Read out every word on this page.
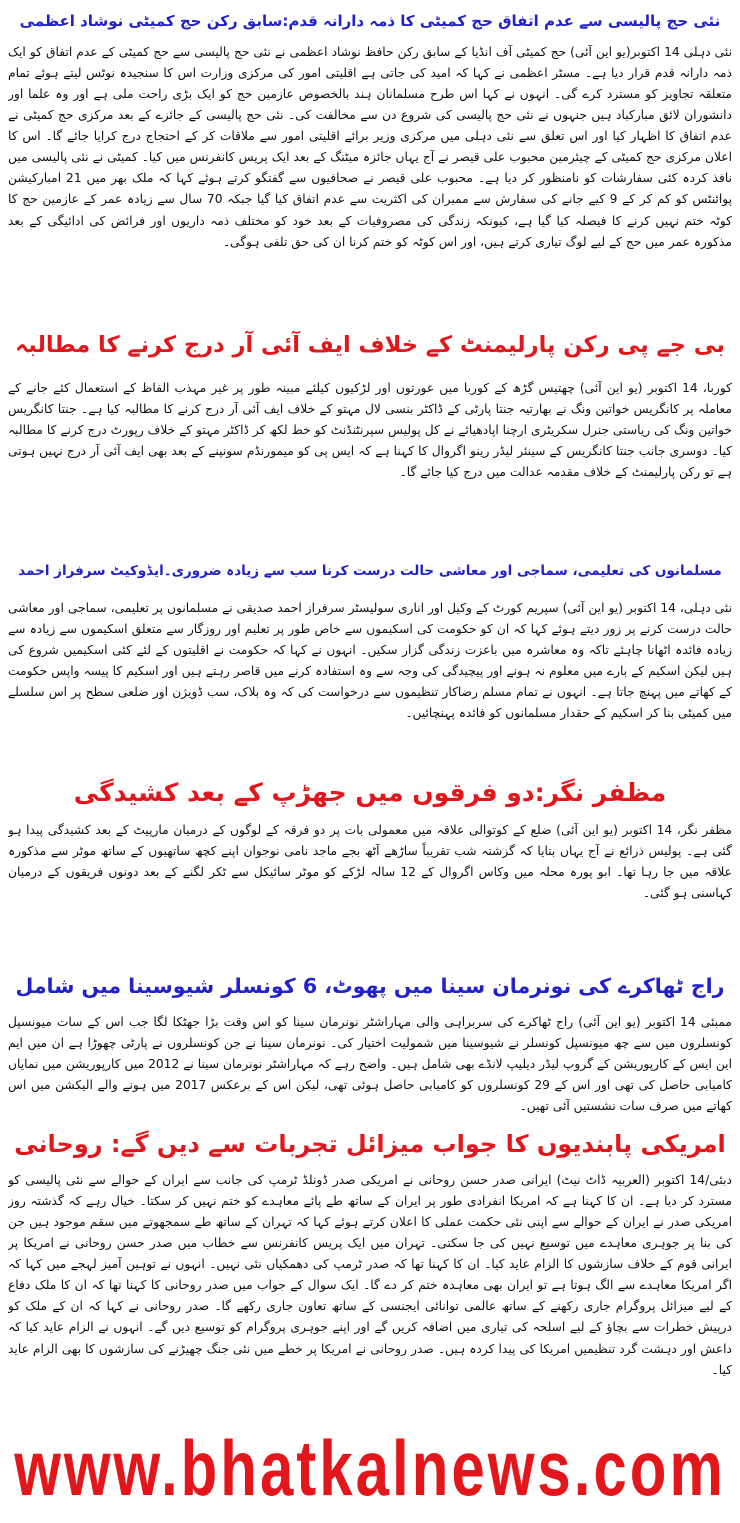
نئی حج پالیسی سے عدم اتفاق حج کمیٹی کا ذمہ دارانہ قدم:سابق رکن حج کمیٹی نوشاد اعظمی

نئی دہلی 14 اکتوبر(یو این آئی) حج کمیٹی آف انڈیا کے سابق رکن حافظ نوشاد اعظمی نے نئی حج پالیسی سے حج کمیٹی کے عدم اتفاق کو ایک ذمہ دارانہ قدم قرار دیا ہے۔ مسٹر اعظمی نے کہا کہ امید کی جاتی ہے اقلیتی امور کی مرکزی وزارت اس کا سنجیدہ نوٹس لیتے ہوئے تمام متعلقہ تجاویز کو مسترد کرے گی۔ انہوں نے کہا اس طرح مسلمانان ہند بالخصوص عازمین حج کو ایک بڑی راحت ملی ہے اور وہ علما اور دانشوران لائق مبارکباد ہیں جنہوں نے نئی حج پالیسی کی شروع دن سے مخالفت کی۔ نئی حج پالیسی کے جائزے کے بعد مرکزی حج کمیٹی نے عدم اتفاق کا اظہار کیا اور اس تعلق سے نئی دہلی میں مرکزی وزیر برائے اقلیتی امور سے ملاقات کر کے احتجاج درج کرایا جائے گا۔ اس کا اعلان مرکزی حج کمیٹی کے چیئرمین محبوب علی قیصر نے آج یہاں جائزہ میٹنگ کے بعد ایک پریس کانفرنس میں کیا۔ کمیٹی نے نئی پالیسی میں نافذ کردہ کئی سفارشات کو نامنظور کر دیا ہے۔ محبوب علی قیصر نے صحافیوں سے گفتگو کرتے ہوئے کہا کہ ملک بھر میں 21 امبارکیشن پوائنٹس کو کم کر کے 9 کیے جانے کی سفارش سے ممبران کی اکثریت سے عدم اتفاق کیا گیا جبکہ 70 سال سے زیادہ عمر کے عازمین حج کا کوٹہ ختم نہیں کرنے کا فیصلہ کیا گیا ہے، کیونکہ زندگی کی مصروفیات کے بعد خود کو مختلف ذمہ داریوں اور فرائض کی ادائیگی کے بعد مذکورہ عمر میں حج کے لیے لوگ تیاری کرتے ہیں، اور اس کوٹہ کو ختم کرنا ان کی حق تلفی ہوگی۔

بی جے پی رکن پارلیمنٹ کے خلاف ایف آئی آر درج کرنے کا مطالبہ

کوربا، 14 اکتوبر (یو این آئی) چھتیس گڑھ کے کوربا میں عورتوں اور لڑکیوں کیلئے مبینہ طور پر غیر مہذب الفاظ کے استعمال کئے جانے کے معاملہ پر کانگریس خواتین ونگ نے بھارتیہ جنتا پارٹی کے ڈاکٹر بنسی لال مہتو کے خلاف ایف آئی آر درج کرنے کا مطالبہ کیا ہے۔ جنتا کانگریس خواتین ونگ کی ریاستی جنرل سکریٹری ارچنا اپادھیائے نے کل پولیس سپرنٹنڈنٹ کو خط لکھ کر ڈاکٹر مہتو کے خلاف رپورٹ درج کرنے کا مطالبہ کیا۔ دوسری جانب جنتا کانگریس کے سینئر لیڈر رینو اگروال کا کہنا ہے کہ ایس پی کو میمورنڈم سونپنے کے بعد بھی ایف آئی آر درج نہیں ہوتی ہے تو رکن پارلیمنٹ کے خلاف مقدمہ عدالت میں درج کیا جائے گا۔

مسلمانوں کی تعلیمی، سماجی اور معاشی حالت درست کرنا سب سے زیادہ ضروری۔ایڈوکیٹ سرفراز احمد

نئی دہلی، 14 اکتوبر (یو این آئی) سپریم کورٹ کے وکیل اور اناری سولیسٹر سرفراز احمد صدیقی نے مسلمانوں پر تعلیمی، سماجی اور معاشی حالت درست کرنے پر زور دیتے ہوئے کہا کہ ان کو حکومت کی اسکیموں سے خاص طور پر تعلیم اور روزگار سے متعلق اسکیموں سے زیادہ سے زیادہ فائدہ اٹھانا چاہئے تاکہ وہ معاشرہ میں باعزت زندگی گزار سکیں۔ انہوں نے کہا کہ حکومت نے اقلیتوں کے لئے کئی اسکیمیں شروع کی ہیں لیکن اسکیم کے بارے میں معلوم نہ ہونے اور پیچیدگی کی وجہ سے وہ استفادہ کرنے میں قاصر رہتے ہیں اور اسکیم کا پیسہ واپس حکومت کے کھاتے میں پہنچ جاتا ہے۔ انہوں نے تمام مسلم رضاکار تنظیموں سے درخواست کی کہ وہ بلاک، سب ڈویژن اور ضلعی سطح پر اس سلسلے میں کمیٹی بنا کر اسکیم کے حقدار مسلمانوں کو فائدہ پہنچائیں۔

مظفر نگر:دو فرقوں میں جھڑپ کے بعد کشیدگی

مظفر نگر، 14 اکتوبر (یو این آئی) ضلع کے کوتوالی علاقہ میں معمولی بات پر دو فرقہ کے لوگوں کے درمیان مارپیٹ کے بعد کشیدگی پیدا ہو گئی ہے۔ پولیس ذرائع نے آج یہاں بتایا کہ گزشتہ شب تقریباً ساڑھے آٹھ بجے ماجد نامی نوجوان اپنے کچھ ساتھیوں کے ساتھ موٹر سے مذکورہ علاقہ میں جا رہا تھا۔ ابو پورہ محلہ میں وکاس اگروال کے 12 سالہ لڑکے کو موٹر سائیکل سے ٹکر لگنے کے بعد دونوں فریقوں کے درمیان کہاسنی ہو گئی۔

راج ٹھاکرے کی نونرمان سینا میں پھوٹ، 6 کونسلر شیوسینا میں شامل

ممبئی 14 اکتوبر (یو این آئی) راج ٹھاکرے کی سربراہی والی مہاراشٹر نونرمان سینا کو اس وقت بڑا جھٹکا لگا جب اس کے سات میونسپل کونسلروں میں سے چھ میونسپل کونسلر نے شیوسینا میں شمولیت اختیار کی۔ نونرمان سینا نے جن کونسلروں نے پارٹی چھوڑا ہے ان میں ایم این ایس کے کارپوریشن کے گروپ لیڈر دیلیپ لانڈے بھی شامل ہیں۔ واضح رہے کہ مہاراشٹر نونرمان سینا نے 2012 میں کارپوریشن میں نمایاں کامیابی حاصل کی تھی اور اس کے 29 کونسلروں کو کامیابی حاصل ہوئی تھی، لیکن اس کے برعکس 2017 میں ہونے والے الیکشن میں اس کھاتے میں صرف سات نشستیں آئی تھیں۔

امریکی پابندیوں کا جواب میزائل تجربات سے دیں گے: روحانی

دبئی/14 اکتوبر (العربیہ ڈاٹ نیٹ) ایرانی صدر حسن روحانی نے امریکی صدر ڈونلڈ ٹرمپ کی جانب سے ایران کے حوالے سے نئی پالیسی کو مسترد کر دیا ہے۔ ان کا کہنا ہے کہ امریکا انفرادی طور پر ایران کے ساتھ طے پائے معاہدے کو ختم نہیں کر سکتا۔ خیال رہے کہ گذشتہ روز امریکی صدر نے ایران کے حوالے سے اپنی نئی حکمت عملی کا اعلان کرتے ہوئے کہا کہ تہران کے ساتھ طے سمجھوتے میں سقم موجود ہیں جن کی بنا پر جوہری معاہدے میں توسیع نہیں کی جا سکتی۔ تہران میں ایک پریس کانفرنس سے خطاب میں صدر حسن روحانی نے امریکا پر ایرانی قوم کے خلاف سازشوں کا الزام عاید کیا۔ ان کا کہنا تھا کہ صدر ٹرمپ کی دھمکیاں نئی نہیں۔ انہوں نے توہین آمیز لہجے میں کہا کہ اگر امریکا معاہدے سے الگ ہوتا ہے تو ایران بھی معاہدہ ختم کر دے گا۔ ایک سوال کے جواب میں صدر روحانی کا کہنا تھا کہ ان کا ملک دفاع کے لیے میزائل پروگرام جاری رکھنے کے ساتھ عالمی توانائی ایجنسی کے ساتھ تعاون جاری رکھے گا۔ صدر روحانی نے کہا کہ ان کے ملک کو درپیش خطرات سے بچاؤ کے لیے اسلحہ کی تیاری میں اضافہ کریں گے اور اپنے جوہری پروگرام کو توسیع دیں گے۔ انہوں نے الزام عاید کیا کہ داعش اور دہشت گرد تنظیمیں امریکا کی پیدا کردہ ہیں۔ صدر روحانی نے امریکا پر خطے میں نئی جنگ چھیڑنے کی سازشوں کا بھی الزام عاید کیا۔

www.bhatkalnews.com
